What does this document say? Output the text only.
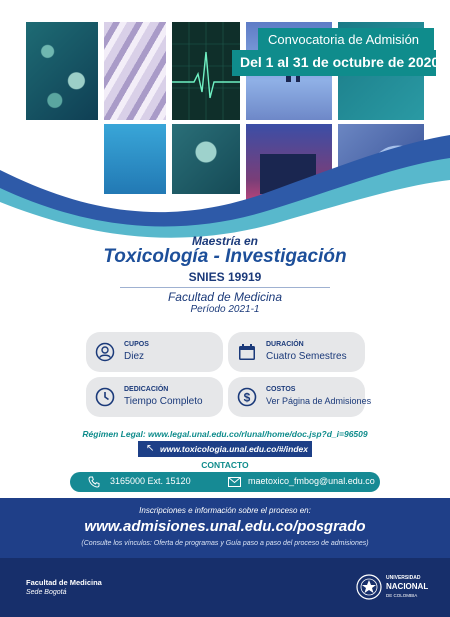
Convocatoria de Admisión
Del 1 al 31 de octubre de 2020
Maestría en
Toxicología - Investigación
SNIES 19919
Facultad de Medicina
Período 2021-1
CUPOS
Diez
DURACIÓN
Cuatro Semestres
DEDICACIÓN
Tiempo Completo	$
COSTOS
Ver Página de Admisiones
Régimen Legal: www.legal.unal.edu.co/rlunal/home/doc.jsp?d_i=96509
↖ www.toxicologia.unal.edu.co/#/index
CONTACTO
3165000 Ext. 15120	maetoxico_fmbog@unal.edu.co
Inscripciones e información sobre el proceso en:
www.admisiones.unal.edu.co/posgrado
(Consulte los vínculos: Oferta de programas y Guía paso a paso del proceso de admisiones)
Facultad de Medicina
Sede Bogotá
UNIVERSIDAD
NACIONAL
DE COLOMBIA
